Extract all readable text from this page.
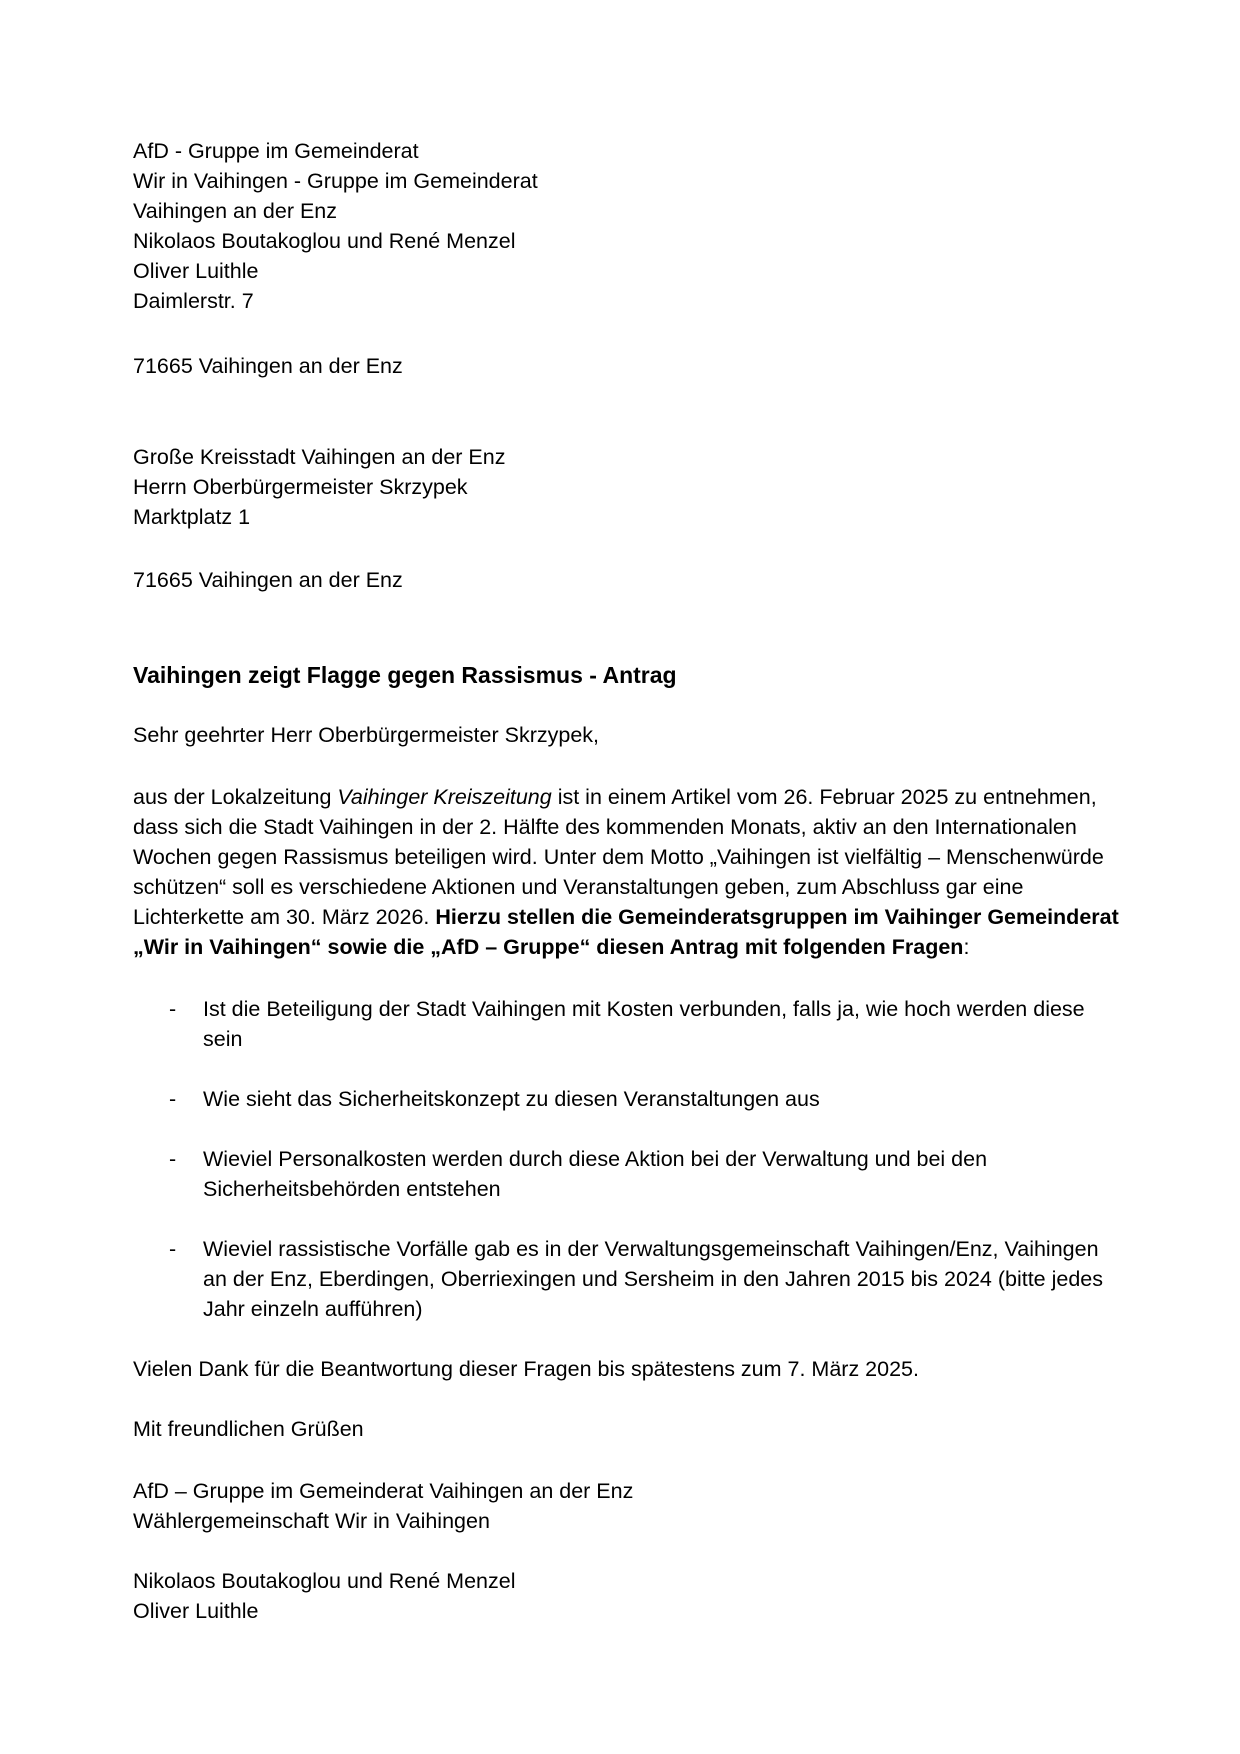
AfD - Gruppe im Gemeinderat
Wir in Vaihingen - Gruppe im Gemeinderat
Vaihingen an der Enz
Nikolaos Boutakoglou und René Menzel
Oliver Luithle
Daimlerstr. 7
71665 Vaihingen an der Enz
Große Kreisstadt Vaihingen an der Enz
Herrn Oberbürgermeister Skrzypek
Marktplatz 1
71665 Vaihingen an der Enz
Vaihingen zeigt Flagge gegen Rassismus - Antrag
Sehr geehrter Herr Oberbürgermeister Skrzypek,
aus der Lokalzeitung Vaihinger Kreiszeitung ist in einem Artikel vom 26. Februar 2025 zu entnehmen, dass sich die Stadt Vaihingen in der 2. Hälfte des kommenden Monats, aktiv an den Internationalen Wochen gegen Rassismus beteiligen wird. Unter dem Motto „Vaihingen ist vielfältig – Menschenwürde schützen“ soll es verschiedene Aktionen und Veranstaltungen geben, zum Abschluss gar eine Lichterkette am 30. März 2026. Hierzu stellen die Gemeinderatsgruppen im Vaihinger Gemeinderat „Wir in Vaihingen“ sowie die „AfD – Gruppe“ diesen Antrag mit folgenden Fragen:
- Ist die Beteiligung der Stadt Vaihingen mit Kosten verbunden, falls ja, wie hoch werden diese sein
- Wie sieht das Sicherheitskonzept zu diesen Veranstaltungen aus
- Wieviel Personalkosten werden durch diese Aktion bei der Verwaltung und bei den Sicherheitsbehörden entstehen
- Wieviel rassistische Vorfälle gab es in der Verwaltungsgemeinschaft Vaihingen/Enz, Vaihingen an der Enz, Eberdingen, Oberriexingen und Sersheim in den Jahren 2015 bis 2024 (bitte jedes Jahr einzeln aufführen)
Vielen Dank für die Beantwortung dieser Fragen bis spätestens zum 7. März 2025.
Mit freundlichen Grüßen
AfD – Gruppe im Gemeinderat Vaihingen an der Enz
Wählergemeinschaft Wir in Vaihingen
Nikolaos Boutakoglou und René Menzel
Oliver Luithle
